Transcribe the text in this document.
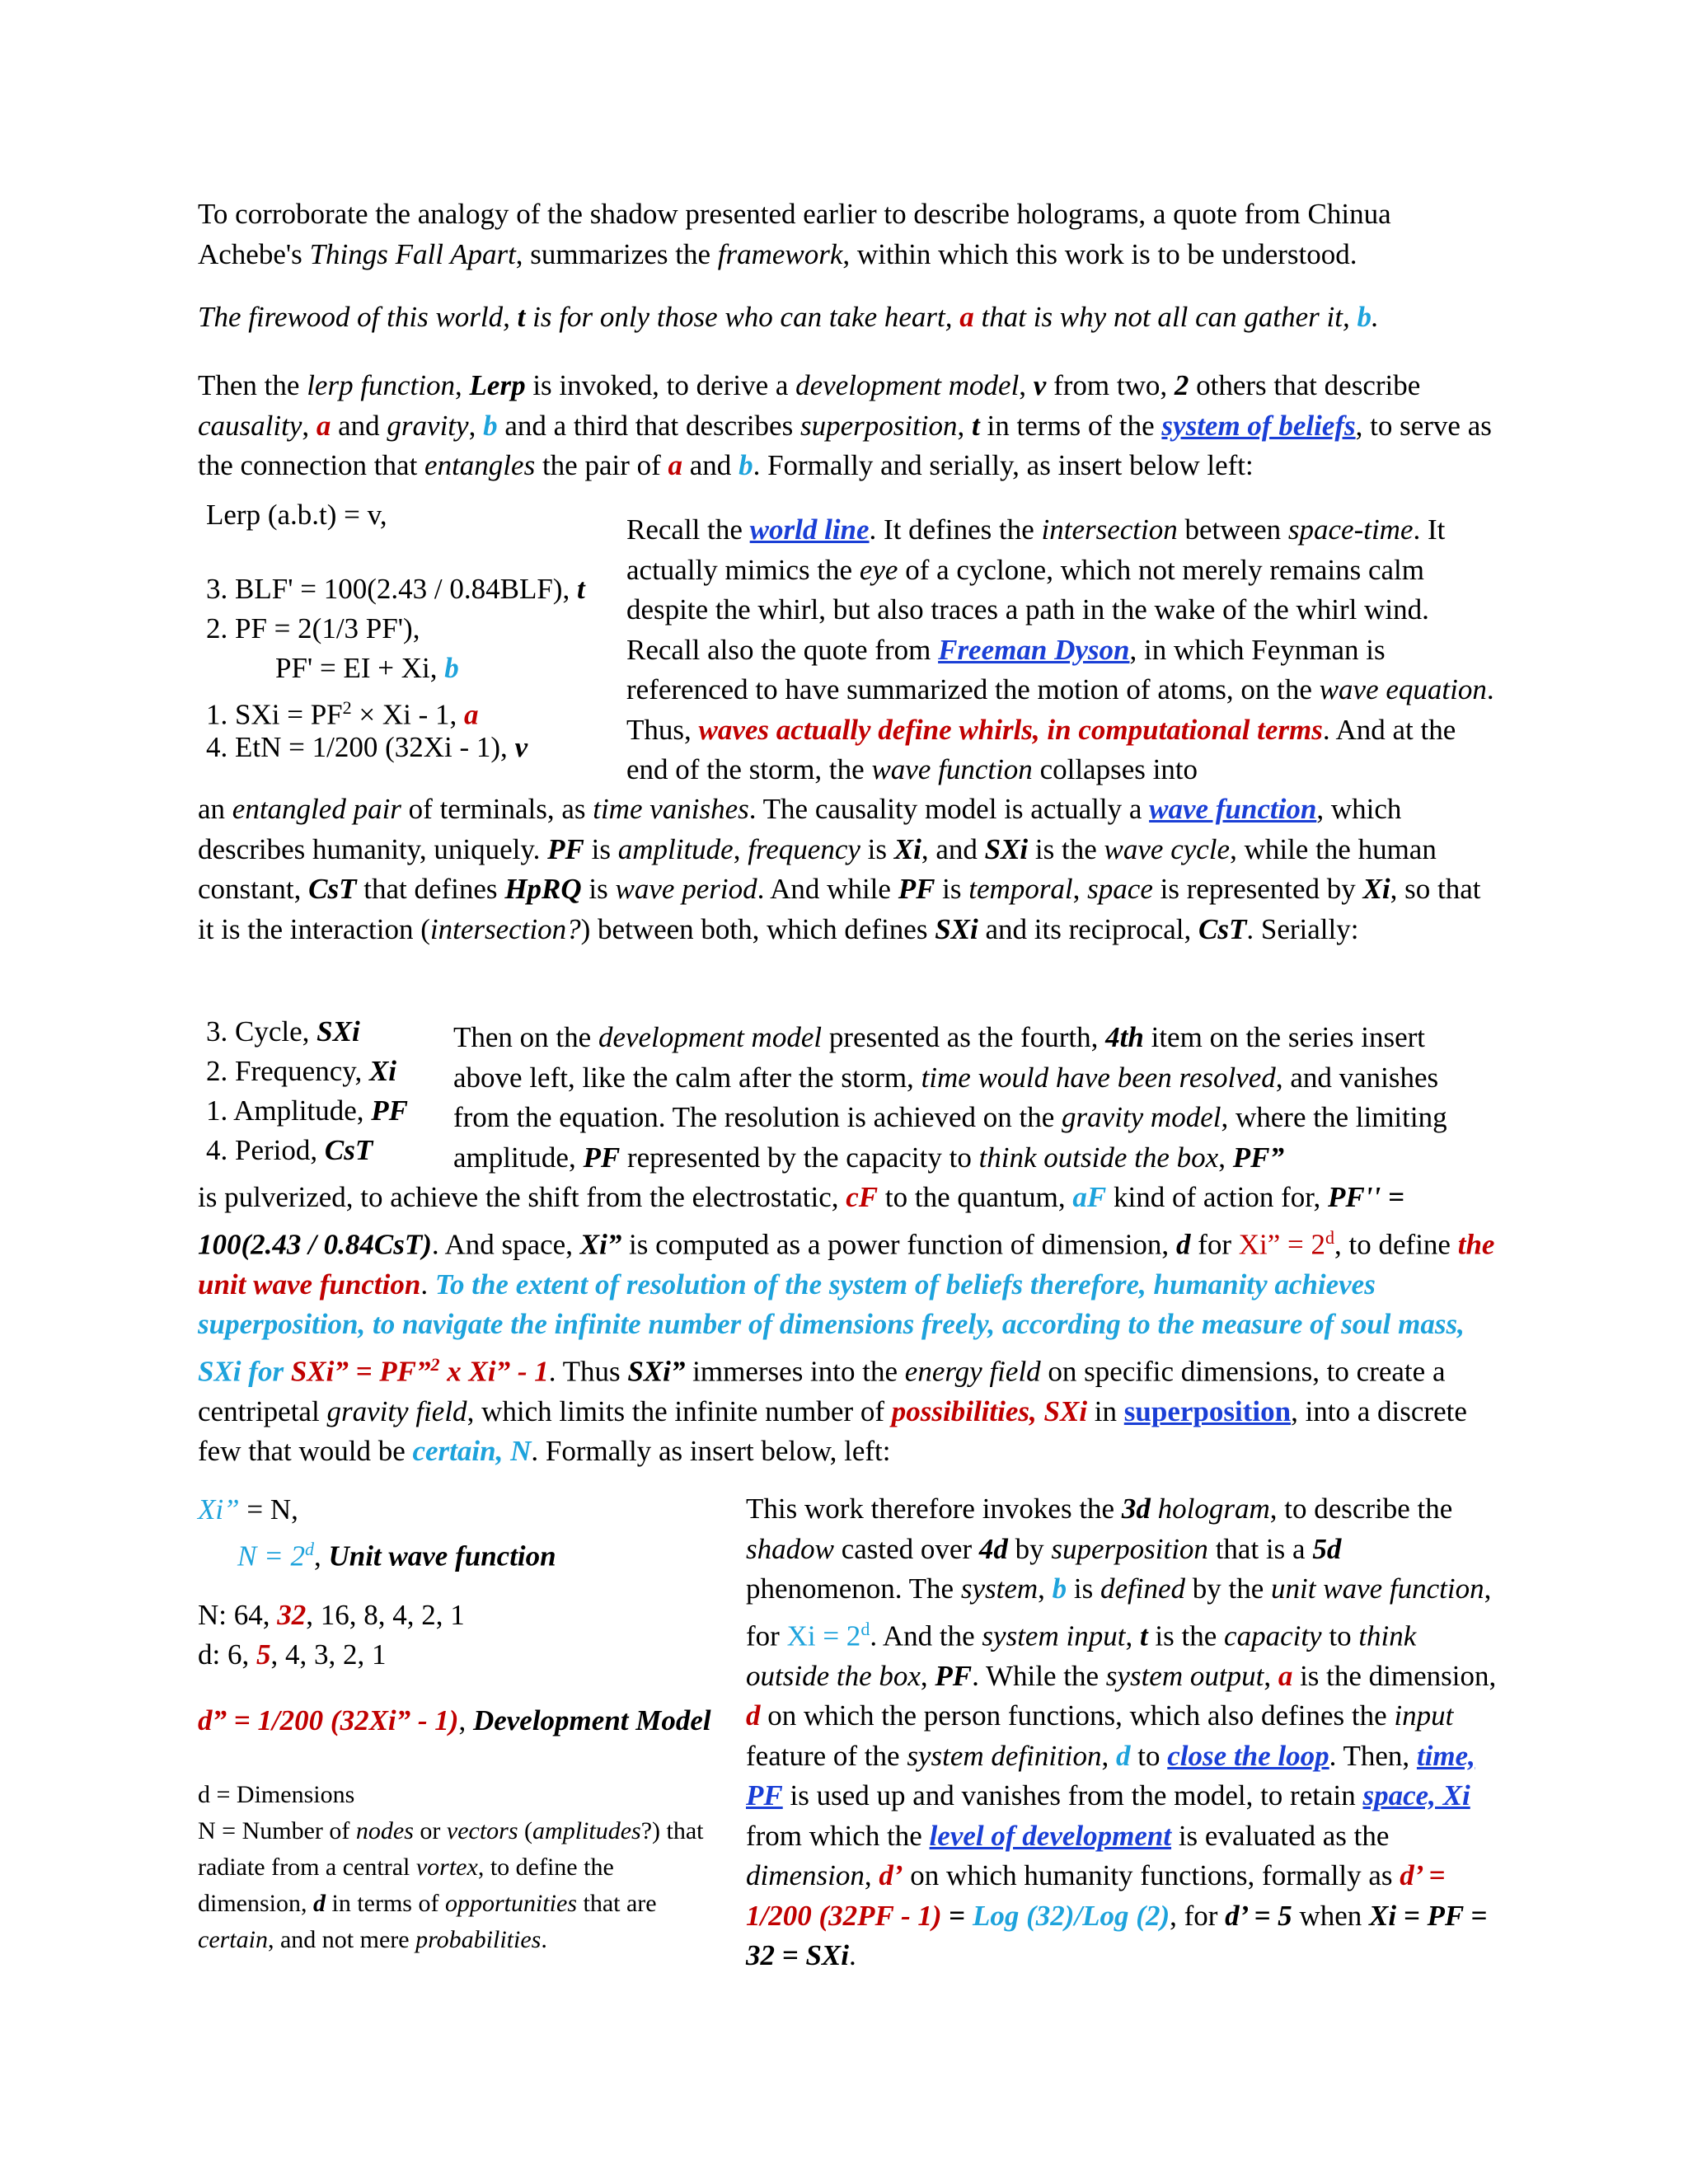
To corroborate the analogy of the shadow presented earlier to describe holograms, a quote from Chinua Achebe's Things Fall Apart, summarizes the framework, within which this work is to be understood.

The firewood of this world, t is for only those who can take heart, a that is why not all can gather it, b.

Then the lerp function, Lerp is invoked, to derive a development model, v from two, 2 others that describe causality, a and gravity, b and a third that describes superposition, t in terms of the system of beliefs, to serve as the connection that entangles the pair of a and b. Formally and serially, as insert below left:

Lerp (a.b.t) = v,
3. BLF' = 100(2.43 / 0.84BLF), t
2. PF = 2(1/3 PF'),
PF' = EI + Xi, b
1. SXi = $PF^2 \times Xi - 1$, a
4. EtN = 1/200 (32Xi - 1), v

Recall the world line. It defines the intersection between space-time. It actually mimics the eye of a cyclone, which not merely remains calm despite the whirl, but also traces a path in the wake of the whirl wind. Recall also the quote from Freeman Dyson, in which Feynman is referenced to have summarized the motion of atoms, on the wave equation. Thus, waves actually define whirls, in computational terms. And at the end of the storm, the wave function collapses into

an entangled pair of terminals, as time vanishes. The causality model is actually a wave function, which describes humanity, uniquely. PF is amplitude, frequency is Xi, and SXi is the wave cycle, while the human constant, CsT that defines HpRQ is wave period. And while PF is temporal, space is represented by Xi, so that it is the interaction (intersection?) between both, which defines SXi and its reciprocal, CsT. Serially:

3. Cycle, SXi
2. Frequency, Xi
1. Amplitude, PF
4. Period, CsT

Then on the development model presented as the fourth, 4th item on the series insert above left, like the calm after the storm, time would have been resolved, and vanishes from the equation. The resolution is achieved on the gravity model, where the limiting amplitude, PF represented by the capacity to think outside the box, PF”

is pulverized, to achieve the shift from the electrostatic, cF to the quantum, aF kind of action for, PF'' = 100(2.43 / 0.84CsT). And space, Xi” is computed as a power function of dimension, d for Xi” = $2^d$, to define the unit wave function. To the extent of resolution of the system of beliefs therefore, humanity achieves superposition, to navigate the infinite number of dimensions freely, according to the measure of soul mass, SXi for SXi” = PF”$^2$ x Xi” - 1. Thus SXi” immerses into the energy field on specific dimensions, to create a centripetal gravity field, which limits the infinite number of possibilities, SXi in superposition, into a discrete few that would be certain, N. Formally as insert below, left:

Xi” = N,
$N = 2^d$, Unit wave function
N: 64, 32, 16, 8, 4, 2, 1
d: 6, 5, 4, 3, 2, 1
d” = 1/200 (32Xi” - 1), Development Model
d = Dimensions
N = Number of nodes or vectors (amplitudes?) that radiate from a central vortex, to define the dimension, d in terms of opportunities that are certain, and not mere probabilities.

This work therefore invokes the 3d hologram, to describe the shadow casted over 4d by superposition that is a 5d phenomenon. The system, b is defined by the unit wave function, for $Xi = 2^d$. And the system input, t is the capacity to think outside the box, PF. While the system output, a is the dimension, d on which the person functions, which also defines the input feature of the system definition, d to close the loop. Then, time, PF is used up and vanishes from the model, to retain space, Xi from which the level of development is evaluated as the dimension, d’ on which humanity functions, formally as d’ = 1/200 (32PF - 1) = Log (32)/Log (2), for d’ = 5 when Xi = PF = 32 = SXi.
